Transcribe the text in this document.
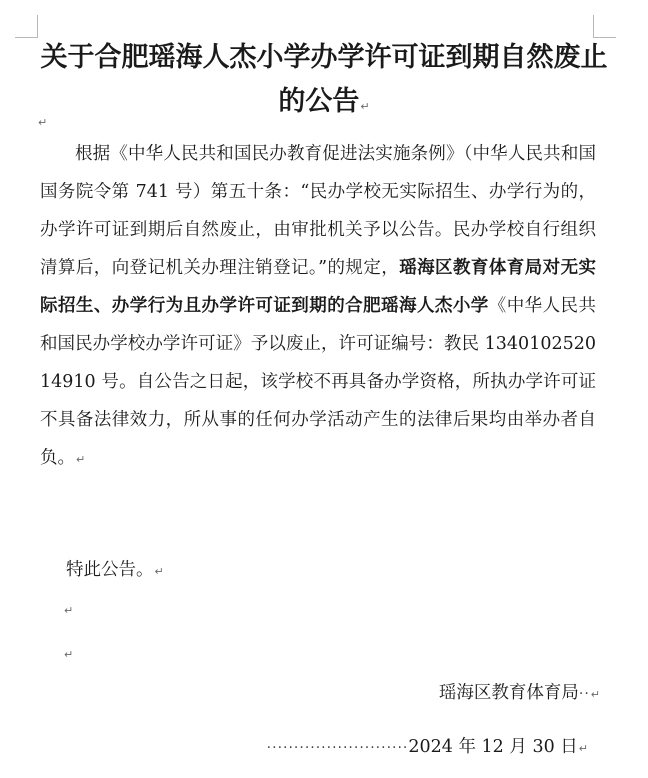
关于合肥瑶海人杰小学办学许可证到期自然废止的公告↵
↵

根据《中华人民共和国民办教育促进法实施条例》（中华人民共和国国务院令第 741 号）第五十条：“民办学校无实际招生、办学行为的，办学许可证到期后自然废止，由审批机关予以公告。民办学校自行组织清算后，向登记机关办理注销登记。”的规定，瑶海区教育体育局对无实际招生、办学行为且办学许可证到期的合肥瑶海人杰小学《中华人民共和国民办学校办学许可证》予以废止，许可证编号：教民 134010252014910 号。自公告之日起，该学校不再具备办学资格，所执办学许可证不具备法律效力，所从事的任何办学活动产生的法律后果均由举办者自负。↵

特此公告。↵

↵
↵
瑶海区教育体育局··↵
··························2024 年 12 月 30 日↵
